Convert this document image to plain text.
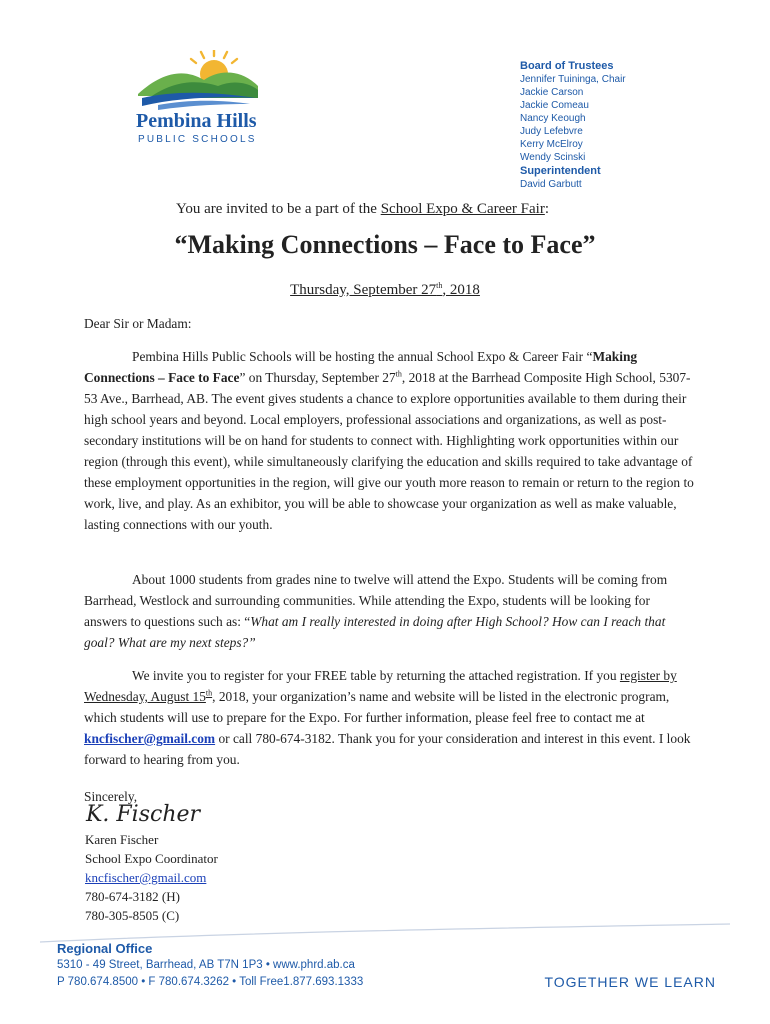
Pembina Hills
PUBLIC SCHOOLS
Board of Trustees
Jennifer Tuininga, Chair
Jackie Carson
Jackie Comeau
Nancy Keough
Judy Lefebvre
Kerry McElroy
Wendy Scinski
Superintendent
David Garbutt
You are invited to be a part of the School Expo & Career Fair:
“Making Connections – Face to Face”
Thursday, September 27th, 2018
Dear Sir or Madam:

Pembina Hills Public Schools will be hosting the annual School Expo & Career Fair “Making Connections – Face to Face” on Thursday, September 27th, 2018 at the Barrhead Composite High School, 5307-53 Ave., Barrhead, AB. The event gives students a chance to explore opportunities available to them during their high school years and beyond. Local employers, professional associations and organizations, as well as post-secondary institutions will be on hand for students to connect with. Highlighting work opportunities within our region (through this event), while simultaneously clarifying the education and skills required to take advantage of these employment opportunities in the region, will give our youth more reason to remain or return to the region to work, live, and play. As an exhibitor, you will be able to showcase your organization as well as make valuable, lasting connections with our youth.

About 1000 students from grades nine to twelve will attend the Expo. Students will be coming from Barrhead, Westlock and surrounding communities. While attending the Expo, students will be looking for answers to questions such as: “What am I really interested in doing after High School? How can I reach that goal? What are my next steps?”

We invite you to register for your FREE table by returning the attached registration. If you register by Wednesday, August 15th, 2018, your organization’s name and website will be listed in the electronic program, which students will use to prepare for the Expo. For further information, please feel free to contact me at kncfischer@gmail.com or call 780-674-3182. Thank you for your consideration and interest in this event. I look forward to hearing from you.

Sincerely,
K. Fischer
Karen Fischer
School Expo Coordinator
kncfischer@gmail.com
780-674-3182 (H)
780-305-8505 (C)
Regional Office
5310 - 49 Street, Barrhead, AB T7N 1P3 • www.phrd.ab.ca
P 780.674.8500 • F 780.674.3262 • Toll Free1.877.693.1333	TOGETHER WE LEARN
